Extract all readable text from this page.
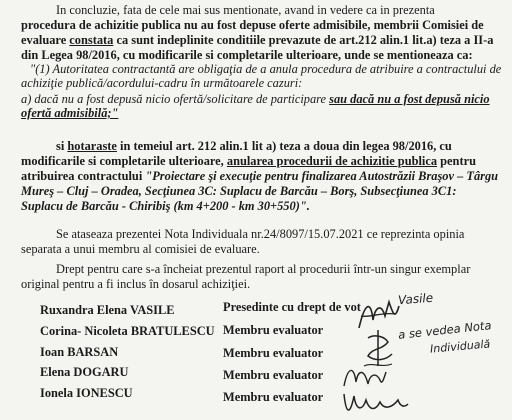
In concluzie, fata de cele mai sus mentionate, avand in vedere ca in prezenta
procedura de achizitie publica nu au fost depuse oferte admisibile, membrii Comisiei de
evaluare constata ca sunt indeplinite conditiile prevazute de art.212 alin.1 lit.a) teza a II-a
din Legea 98/2016, cu modificarile si completarile ulterioare, unde se mentioneaza ca:
"(1) Autoritatea contractantă are obligaţia de a anula procedura de atribuire a contractului de
achiziţie publică/acordului-cadru în următoarele cazuri:
a) dacă nu a fost depusă nicio ofertă/solicitare de participare sau dacă nu a fost depusă nicio
ofertă admisibilă;"
si hotaraste in temeiul art. 212 alin.1 lit a) teza a doua din legea 98/2016, cu
modificarile si completarile ulterioare, anularea procedurii de achizitie publica pentru
atribuirea contractului "Proiectare şi execuţie pentru finalizarea Autostrăzii Braşov – Târgu
Mureş – Cluj – Oradea, Secţiunea 3C: Suplacu de Barcău – Borş, Subsecţiunea 3C1:
Suplacu de Barcău - Chiribiş (km 4+200 - km 30+550)".
Se ataseaza prezentei Nota Individuala nr.24/8097/15.07.2021 ce reprezinta opinia
separata a unui membru al comisiei de evaluare.
Drept pentru care s-a încheiat prezentul raport al procedurii într-un singur exemplar
original pentru a fi inclus în dosarul achiziţiei.
Ruxandra Elena VASILE	Presedinte cu drept de vot
Corina- Nicoleta BRATULESCU Membru evaluator
Ioan BARSAN	Membru evaluator
Elena DOGARU	Membru evaluator
Ionela IONESCU	Membru evaluator
Vasile
a se vedea Nota
Individuală
